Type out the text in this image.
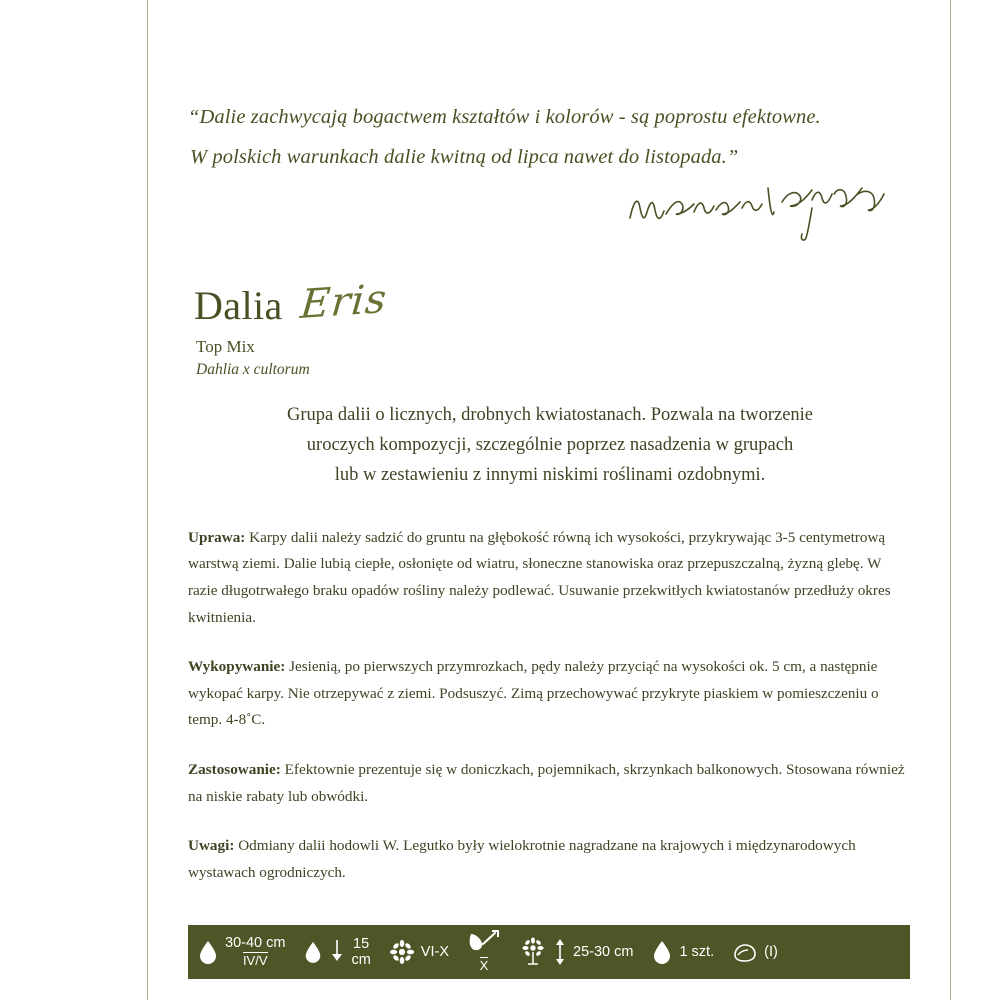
“Dalie zachwycają bogactwem kształtów i kolorów - są poprostu efektowne.
W polskich warunkach dalie kwitną od lipca nawet do listopada.”
Dalia Eris
Top Mix
Dahlia x cultorum
Grupa dalii o licznych, drobnych kwiatostanach. Pozwala na tworzenie
uroczych kompozycji, szczególnie poprzez nasadzenia w grupach
lub w zestawieniu z innymi niskimi roślinami ozdobnymi.

Uprawa: Karpy dalii należy sadzić do gruntu na głębokość równą ich wysokości, przykrywając 3-5 centymetrową warstwą ziemi. Dalie lubią ciepłe, osłonięte od wiatru, słoneczne stanowiska oraz przepuszczalną, żyzną glebę. W razie długotrwałego braku opadów rośliny należy podlewać. Usuwanie przekwitłych kwiatostanów przedłuży okres kwitnienia.

Wykopywanie: Jesienią, po pierwszych przymrozkach, pędy należy przyciąć na wysokości ok. 5 cm, a następnie wykopać karpy. Nie otrzepywać z ziemi. Podsuszyć. Zimą przechowywać przykryte piaskiem w pomieszczeniu o temp. 4-8˚C.

Zastosowanie: Efektownie prezentuje się w doniczkach, pojemnikach, skrzynkach balkonowych. Stosowana również na niskie rabaty lub obwódki.

Uwagi: Odmiany dalii hodowli W. Legutko były wielokrotnie nagradzane na krajowych i międzynarodowych wystawach ogrodniczych.

30-40 cm
IV/V
15
cm	VI-X
X
25-30 cm	1 szt.	(I)
